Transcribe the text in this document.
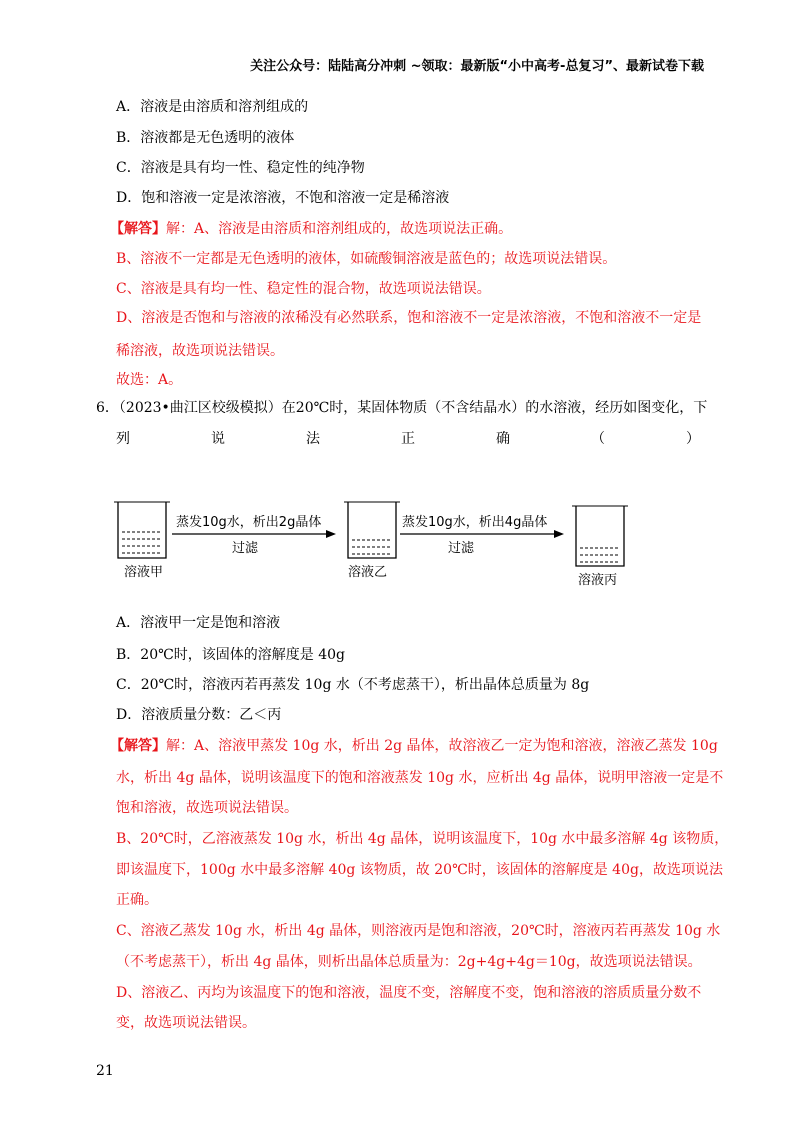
关注公众号：陆陆高分冲刺 ~领取：最新版“小中高考-总复习”、最新试卷下载
A．溶液是由溶质和溶剂组成的
B．溶液都是无色透明的液体
C．溶液是具有均一性、稳定性的纯净物
D．饱和溶液一定是浓溶液，不饱和溶液一定是稀溶液
【解答】解：A、溶液是由溶质和溶剂组成的，故选项说法正确。
B、溶液不一定都是无色透明的液体，如硫酸铜溶液是蓝色的；故选项说法错误。
C、溶液是具有均一性、稳定性的混合物，故选项说法错误。
D、溶液是否饱和与溶液的浓稀没有必然联系，饱和溶液不一定是浓溶液，不饱和溶液不一定是
稀溶液，故选项说法错误。
故选：A。
6．（2023•曲江区校级模拟）在20℃时，某固体物质（不含结晶水）的水溶液，经历如图变化，下
列	说	法	正	确	（	）
溶液甲
蒸发10g水，析出2g晶体
过滤
溶液乙
蒸发10g水，析出4g晶体
过滤
溶液丙
A．溶液甲一定是饱和溶液
B．20℃时，该固体的溶解度是 40g
C．20℃时，溶液丙若再蒸发 10g 水（不考虑蒸干），析出晶体总质量为 8g
D．溶液质量分数：乙＜丙
【解答】解：A、溶液甲蒸发 10g 水，析出 2g 晶体，故溶液乙一定为饱和溶液，溶液乙蒸发 10g
水，析出 4g 晶体，说明该温度下的饱和溶液蒸发 10g 水，应析出 4g 晶体，说明甲溶液一定是不
饱和溶液，故选项说法错误。
B、20℃时，乙溶液蒸发 10g 水，析出 4g 晶体，说明该温度下，10g 水中最多溶解 4g 该物质，
即该温度下，100g 水中最多溶解 40g 该物质，故 20℃时，该固体的溶解度是 40g，故选项说法
正确。
C、溶液乙蒸发 10g 水，析出 4g 晶体，则溶液丙是饱和溶液，20℃时，溶液丙若再蒸发 10g 水
（不考虑蒸干），析出 4g 晶体，则析出晶体总质量为：2g+4g+4g＝10g，故选项说法错误。
D、溶液乙、丙均为该温度下的饱和溶液，温度不变，溶解度不变，饱和溶液的溶质质量分数不
变，故选项说法错误。
21
